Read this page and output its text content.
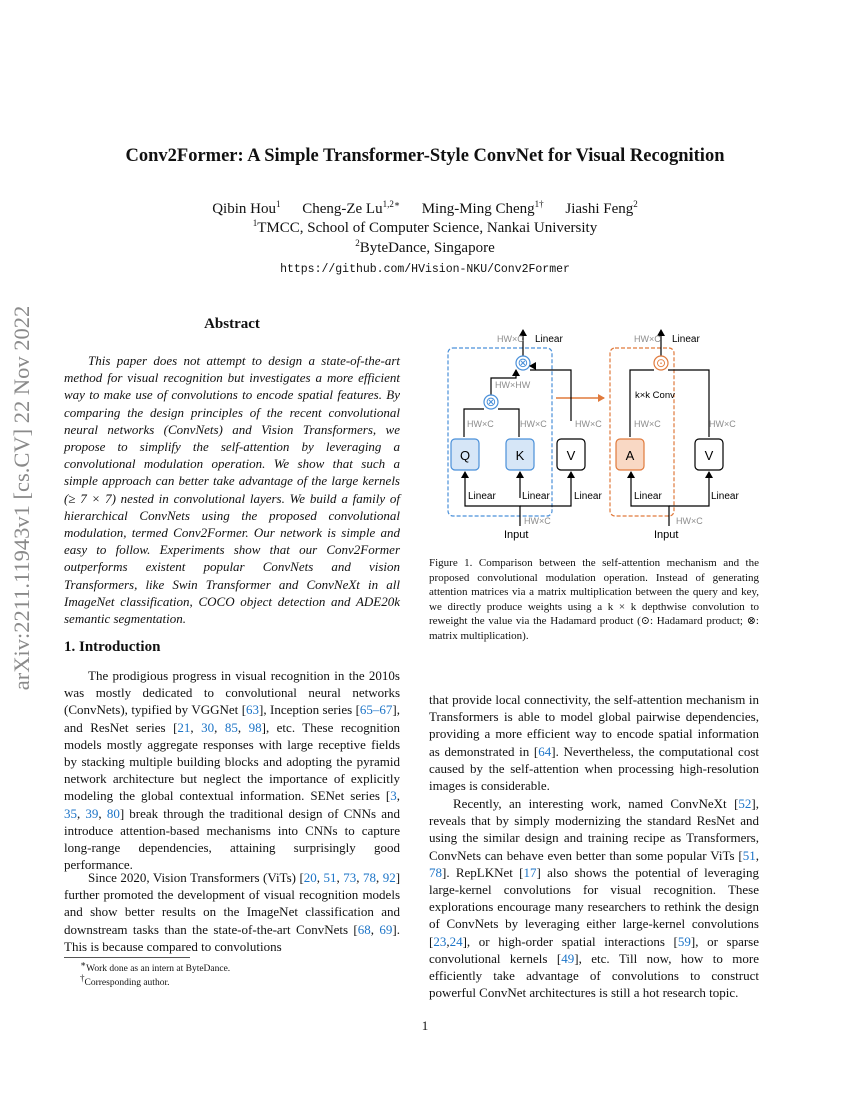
Conv2Former: A Simple Transformer-Style ConvNet for Visual Recognition
Qibin Hou$^1$ Cheng-Ze $Lu^{1,2∗}$ Ming-Ming Cheng$^{1\dagger}$ Jiashi Feng$^2$
$^1$TMCC, School of Computer Science, Nankai University
$^2$ByteDance, Singapore
https://github.com/HVision-NKU/Conv2Former
arXiv:2211.11943v1 [cs.CV] 22 Nov 2022	Abstract
This paper does not attempt to design a state-of-the-art method for visual recognition but investigates a more efficient way to make use of convolutions to encode spatial features. By comparing the design principles of the recent convolutional neural networks (ConvNets) and Vision Transformers, we propose to simplify the self-attention by leveraging a convolutional modulation operation. We show that such a simple approach can better take advantage of the large kernels (≥ 7 × 7) nested in convolutional layers. We build a family of hierarchical ConvNets using the proposed convolutional modulation, termed Conv2Former. Our network is simple and easy to follow. Experiments show that our Conv2Former outperforms existent popular ConvNets and vision Transformers, like Swin Transformer and ConvNeXt in all ImageNet classification, COCO object detection and ADE20k semantic segmentation.
1. Introduction
The prodigious progress in visual recognition in the 2010s was mostly dedicated to convolutional neural networks (ConvNets), typified by VGGNet [63], Inception series [65–67], and ResNet series [21, 30, 85, 98], etc. These recognition models mostly aggregate responses with large receptive fields by stacking multiple building blocks and adopting the pyramid network architecture but neglect the importance of explicitly modeling the global contextual information. SENet series [3, 35, 39, 80] break through the traditional design of CNNs and introduce attention-based mechanisms into CNNs to capture long-range dependencies, attaining surprisingly good performance.
Since 2020, Vision Transformers (ViTs) [20, 51, 73, 78, 92] further promoted the development of visual recognition models and show better results on the ImageNet classification and downstream tasks than the state-of-the-art ConvNets [68, 69]. This is because compared to convolutions
that provide local connectivity, the self-attention mechanism in Transformers is able to model global pairwise dependencies, providing a more efficient way to encode spatial information as demonstrated in [64]. Nevertheless, the computational cost caused by the self-attention when processing high-resolution images is considerable.
Recently, an interesting work, named ConvNeXt [52], reveals that by simply modernizing the standard ResNet and using the similar design and training recipe as Transformers, ConvNets can behave even better than some popular ViTs [51, 78]. RepLKNet [17] also shows the potential of leveraging large-kernel convolutions for visual recognition. These explorations encourage many researchers to rethink the design of ConvNets by leveraging either large-kernel convolutions [23,24], or high-order spatial interactions [59], or sparse convolutional kernels [49], etc. Till now, how to more efficiently take advantage of convolutions to construct powerful ConvNet architectures is still a hot research topic.
HW×C Linear
⊗
HW×HW
⊗
HW×C	HW×C	HW×C
Q	K	V
Linear	Linear Linear
HW×C
Input
HW×C Linear
⊙
k×k Conv
HW×C	HW×C
A	V
Linear	Linear
HW×C
Input
Figure 1. Comparison between the self-attention mechanism and the proposed convolutional modulation operation. Instead of generating attention matrices via a matrix multiplication between the query and key, we directly produce weights using a k × k depthwise convolution to reweight the value via the Hadamard product (⊙: Hadamard product; ⊗: matrix multiplication).
∗Work done as an intern at ByteDance.
†Corresponding author.
1
